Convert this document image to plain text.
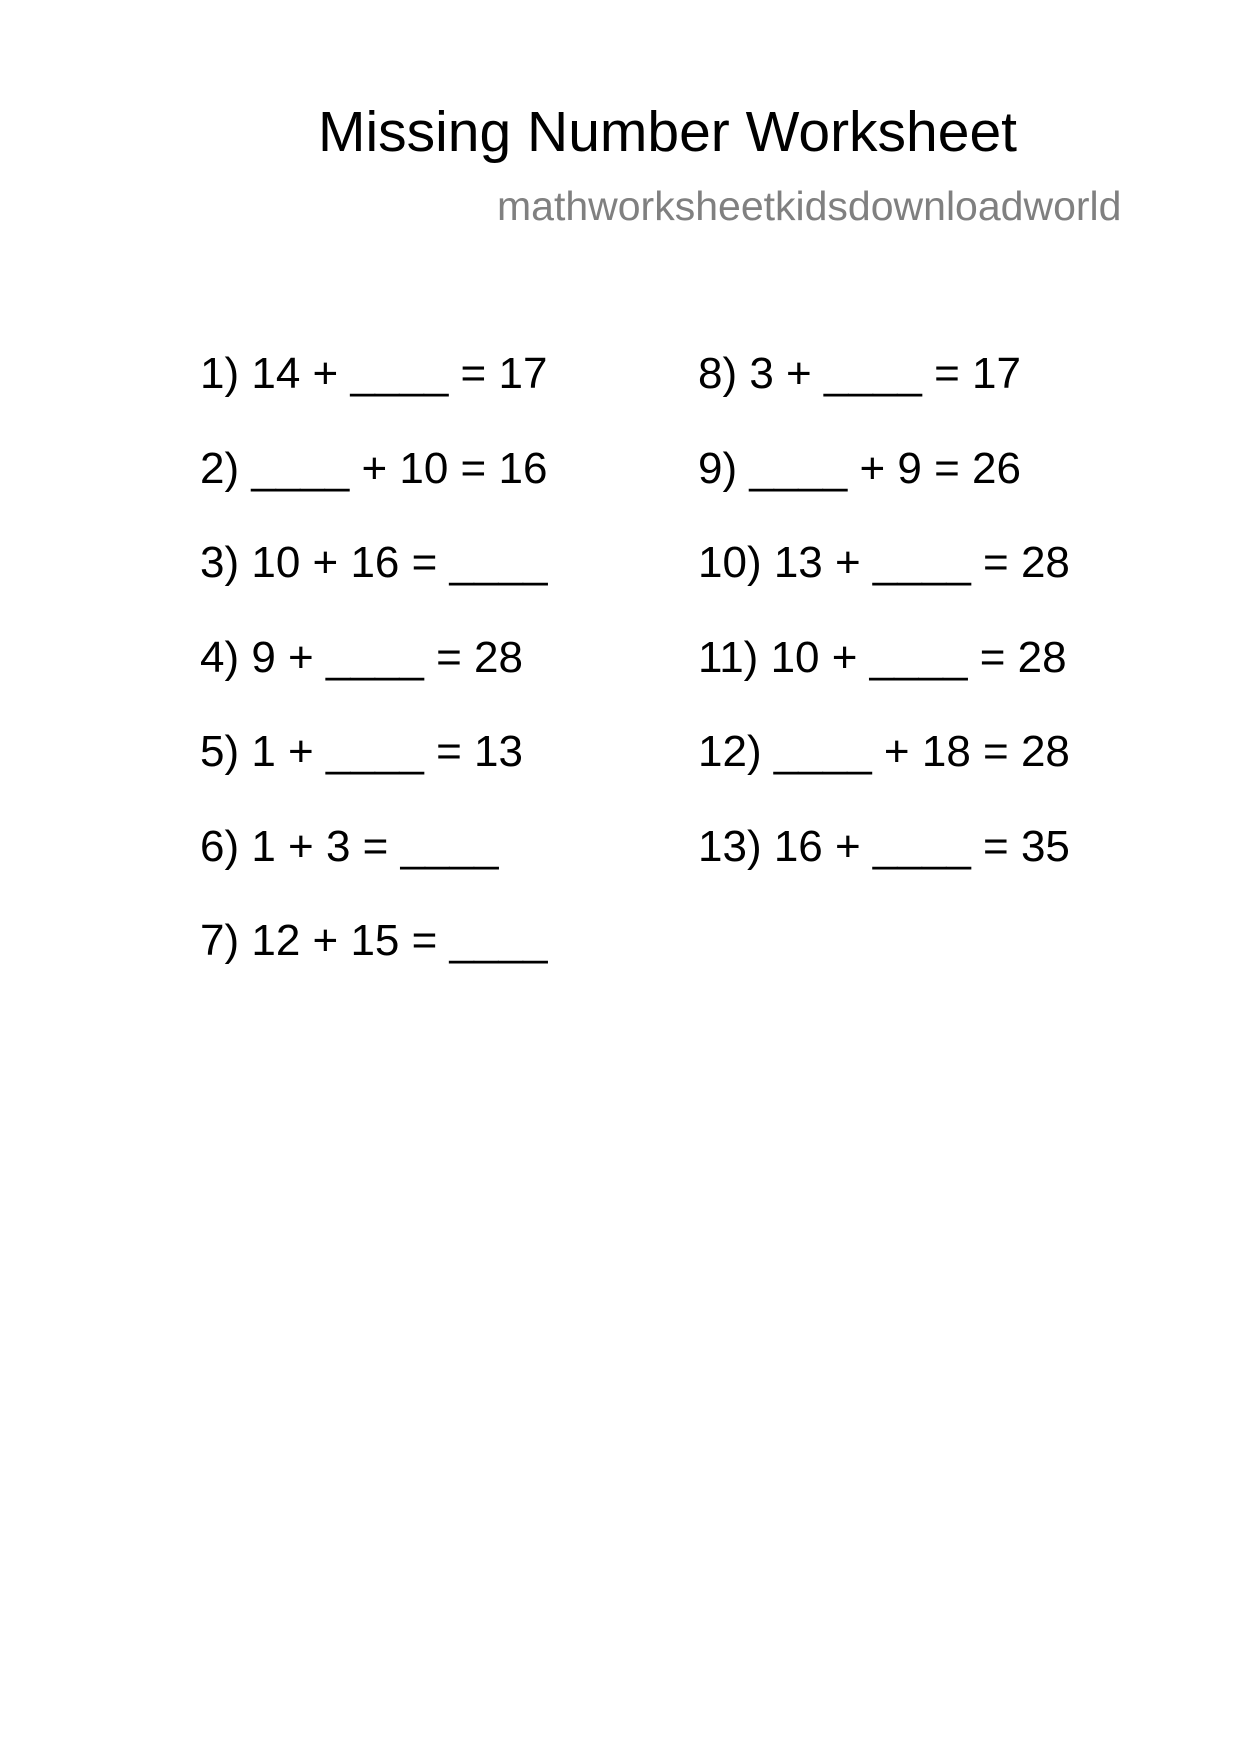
Missing Number Worksheet
mathworksheetkidsdownloadworld
1) 14 + ____ = 17
2) ____ + 10 = 16
3) 10 + 16 = ____
4) 9 + ____ = 28
5) 1 + ____ = 13
6) 1 + 3 = ____
7) 12 + 15 = ____
8) 3 + ____ = 17
9) ____ + 9 = 26
10) 13 + ____ = 28
11) 10 + ____ = 28
12) ____ + 18 = 28
13) 16 + ____ = 35
